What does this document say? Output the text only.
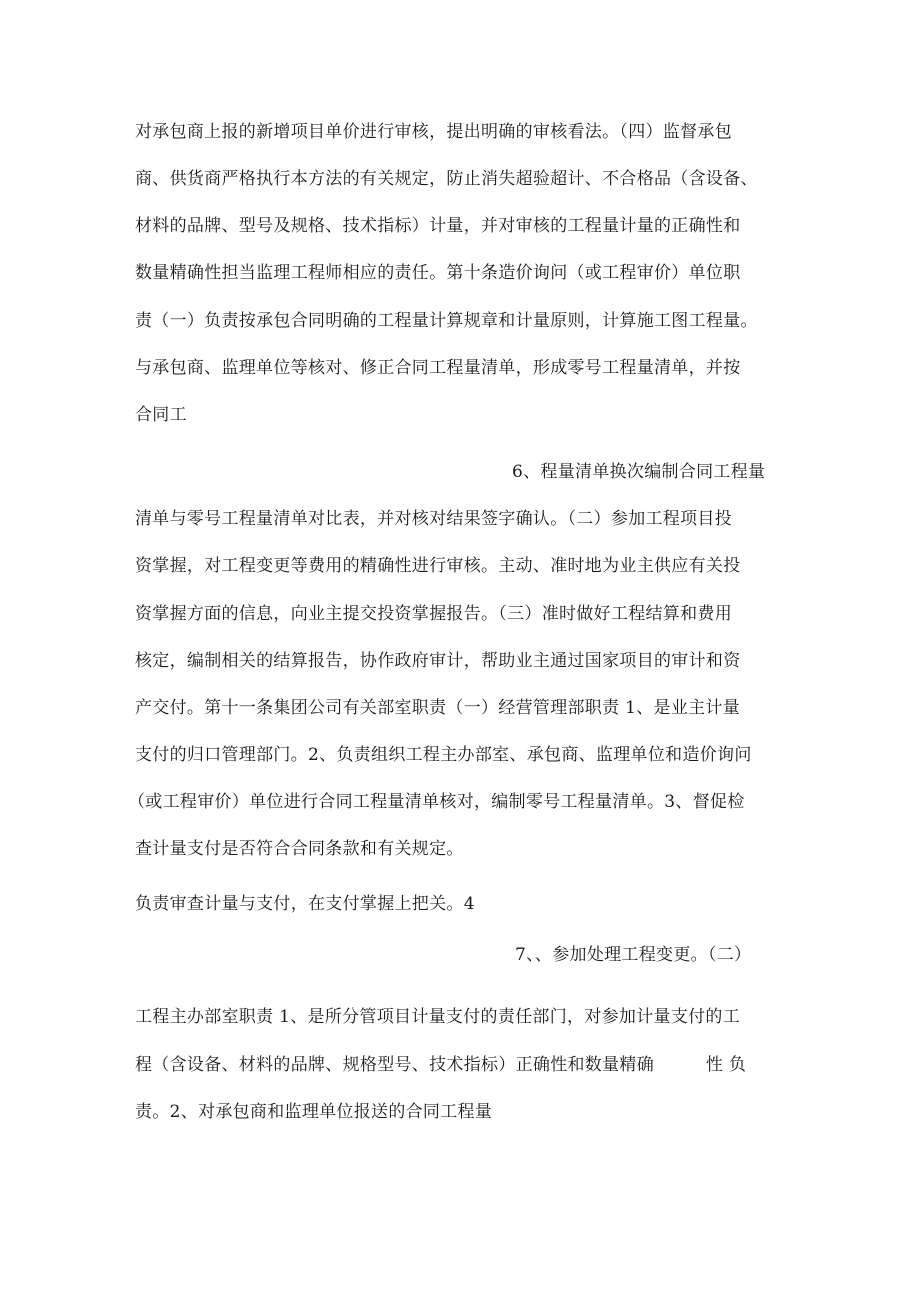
对承包商上报的新增项目单价进行审核，提出明确的审核看法。（四）监督承包
商、供货商严格执行本方法的有关规定，防止消失超验超计、不合格品（含设备、
材料的品牌、型号及规格、技术指标）计量，并对审核的工程量计量的正确性和
数量精确性担当监理工程师相应的责任。第十条造价询问（或工程审价）单位职
责（一）负责按承包合同明确的工程量计算规章和计量原则，计算施工图工程量。
与承包商、监理单位等核对、修正合同工程量清单，形成零号工程量清单，并按
合同工
6、程量清单换次编制合同工程量
清单与零号工程量清单对比表，并对核对结果签字确认。（二）参加工程项目投
资掌握，对工程变更等费用的精确性进行审核。主动、准时地为业主供应有关投
资掌握方面的信息，向业主提交投资掌握报告。（三）准时做好工程结算和费用
核定，编制相关的结算报告，协作政府审计，帮助业主通过国家项目的审计和资
产交付。第十一条集团公司有关部室职责（一）经营管理部职责 1、是业主计量
支付的归口管理部门。2、负责组织工程主办部室、承包商、监理单位和造价询问
（或工程审价）单位进行合同工程量清单核对，编制零号工程量清单。3、督促检
查计量支付是否符合合同条款和有关规定。
负责审查计量与支付，在支付掌握上把关。4
7、、参加处理工程变更。（二）
工程主办部室职责 1、是所分管项目计量支付的责任部门，对参加计量支付的工
程（含设备、材料的品牌、规格型号、技术指标）正确性和数量精确　　　性 负
责。2、对承包商和监理单位报送的合同工程量
